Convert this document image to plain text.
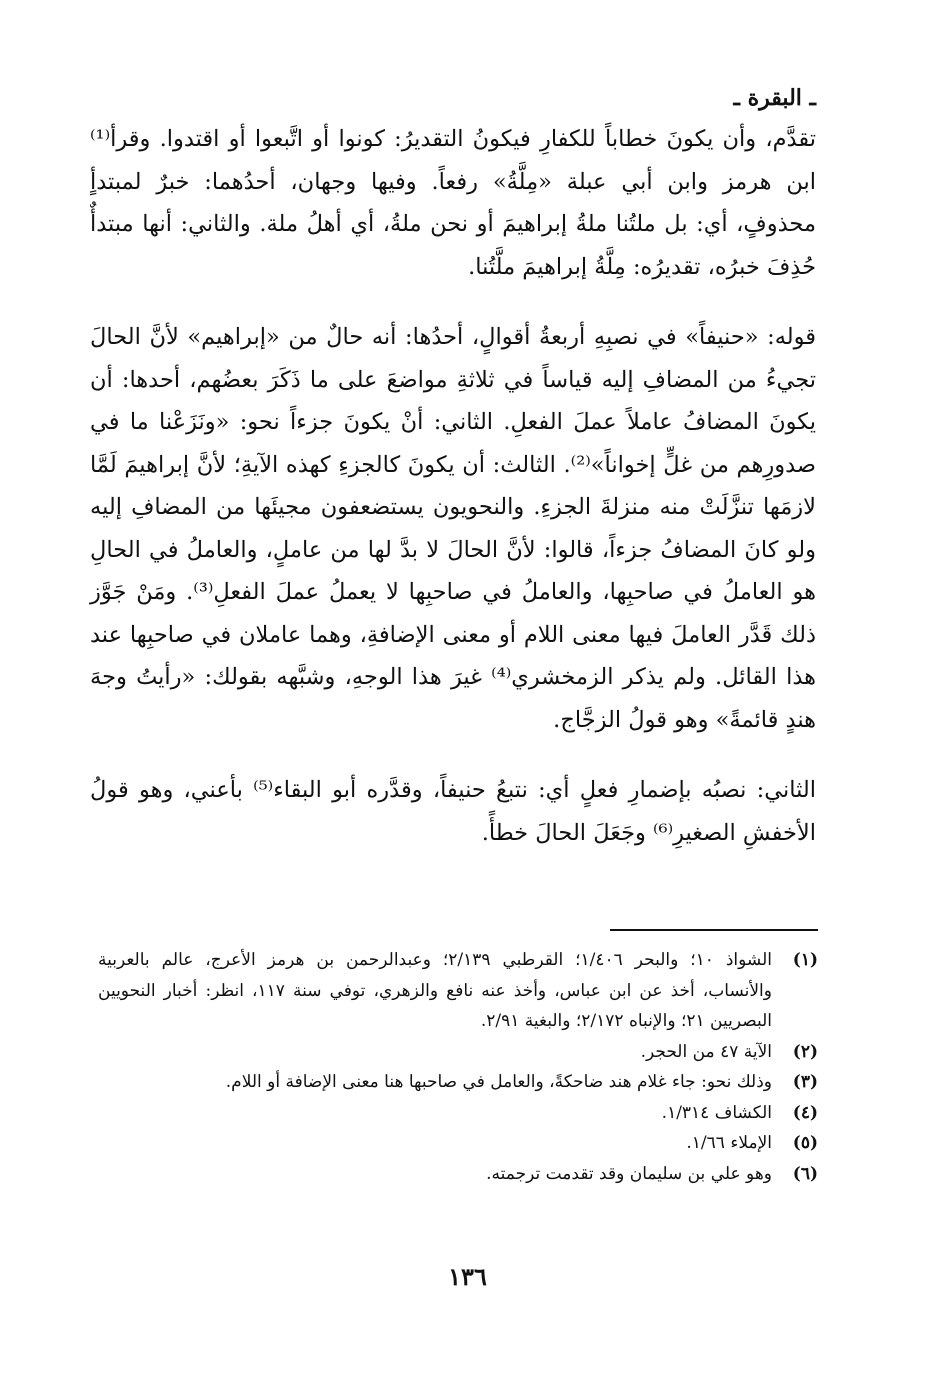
ـ البقرة ـ

تقدَّم، وأن يكونَ خطاباً للكفارِ فيكونُ التقديرُ: كونوا أو اتَّبعوا أو اقتدوا. وقرأ⁽¹⁾ ابن هرمز وابن أبي عبلة «مِلَّةُ» رفعاً. وفيها وجهان، أحدُهما: خبرٌ لمبتدأٍ محذوفٍ، أي: بل ملتُنا ملةُ إبراهيمَ أو نحن ملةُ، أي أهلُ ملة. والثاني: أنها مبتدأٌ حُذِفَ خبرُه، تقديرُه: مِلَّةُ إبراهيمَ ملَّتُنا.

قوله: «حنيفاً» في نصبِهِ أربعةُ أقوالٍ، أحدُها: أنه حالٌ من «إبراهيم» لأنَّ الحالَ تجيءُ من المضافِ إليه قياساً في ثلاثةِ مواضعَ على ما ذَكَرَ بعضُهم، أحدها: أن يكونَ المضافُ عاملاً عملَ الفعلِ. الثاني: أنْ يكونَ جزءاً نحو: «ونَزَعْنا ما في صدورِهم من غلٍّ إخواناً»⁽²⁾. الثالث: أن يكونَ كالجزءِ كهذه الآيةِ؛ لأنَّ إبراهيمَ لَمَّا لازمَها تنزَّلَتْ منه منزلةَ الجزءِ. والنحويون يستضعفون مجيئَها من المضافِ إليه ولو كانَ المضافُ جزءاً، قالوا: لأنَّ الحالَ لا بدَّ لها من عاملٍ، والعاملُ في الحالِ هو العاملُ في صاحبِها، والعاملُ في صاحبِها لا يعملُ عملَ الفعلِ⁽³⁾. ومَنْ جَوَّز ذلك قَدَّر العاملَ فيها معنى اللام أو معنى الإضافةِ، وهما عاملان في صاحبِها عند هذا القائل. ولم يذكر الزمخشري⁽⁴⁾ غيرَ هذا الوجهِ، وشبَّهه بقولك: «رأيتُ وجهَ هندٍ قائمةً» وهو قولُ الزجَّاج.

الثاني: نصبُه بإضمارِ فعلٍ أي: نتبعُ حنيفاً، وقدَّره أبو البقاء⁽⁵⁾ بأعني، وهو قولُ الأخفشِ الصغيرِ⁽⁶⁾ وجَعَلَ الحالَ خطأً.

(١)
الشواذ ١٠؛ والبحر ١/٤٠٦؛ القرطبي ٢/١٣٩؛ وعبدالرحمن بن هرمز الأعرج، عالم بالعربية والأنساب، أخذ عن ابن عباس، وأخذ عنه نافع والزهري، توفي سنة ١١٧، انظر: أخبار النحويين البصريين ٢١؛ والإنباه ٢/١٧٢؛ والبغية ٢/٩١.
(٢)
الآية ٤٧ من الحجر.
(٣)
وذلك نحو: جاء غلام هند ضاحكةً، والعامل في صاحبها هنا معنى الإضافة أو اللام.
(٤)
الكشاف ١/٣١٤.
(٥)
الإملاء ١/٦٦.
(٦)
وهو علي بن سليمان وقد تقدمت ترجمته.
١٣٦
